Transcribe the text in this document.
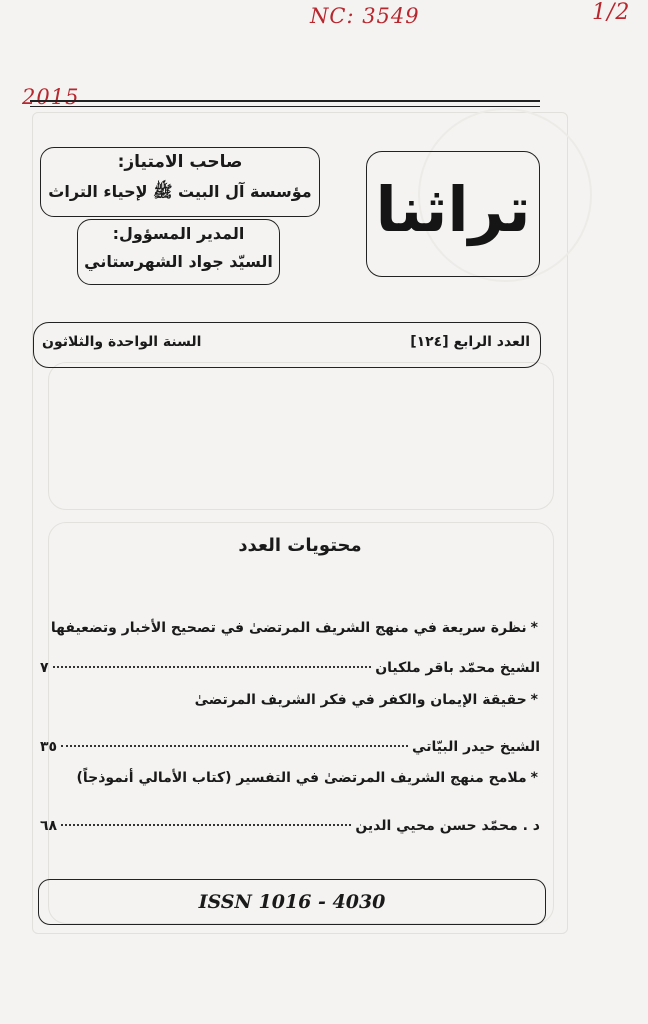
NC: 3549	1/2
2015
صاحب الامتياز:
مؤسسة آل البيت ﷺ لإحياء التراث
المدير المسؤول:
السيّد جواد الشهرستاني
تراثنا
العدد الرابع [١٢٤]
السنة الواحدة والثلاثون
محتويات العدد
*نظرة سريعة في منهج الشريف المرتضىٰ في تصحيح الأخبار وتضعيفها
الشيخ محمّد باقر ملكيان
٧
*حقيقة الإيمان والكفر في فكر الشريف المرتضىٰ
الشيخ حيدر البيّاتي
٣٥
*ملامح منهج الشريف المرتضىٰ في التفسير (كتاب الأمالي أنموذجاً)
د . محمّد حسن محيي الدين
٦٨
ISSN 1016 - 4030
